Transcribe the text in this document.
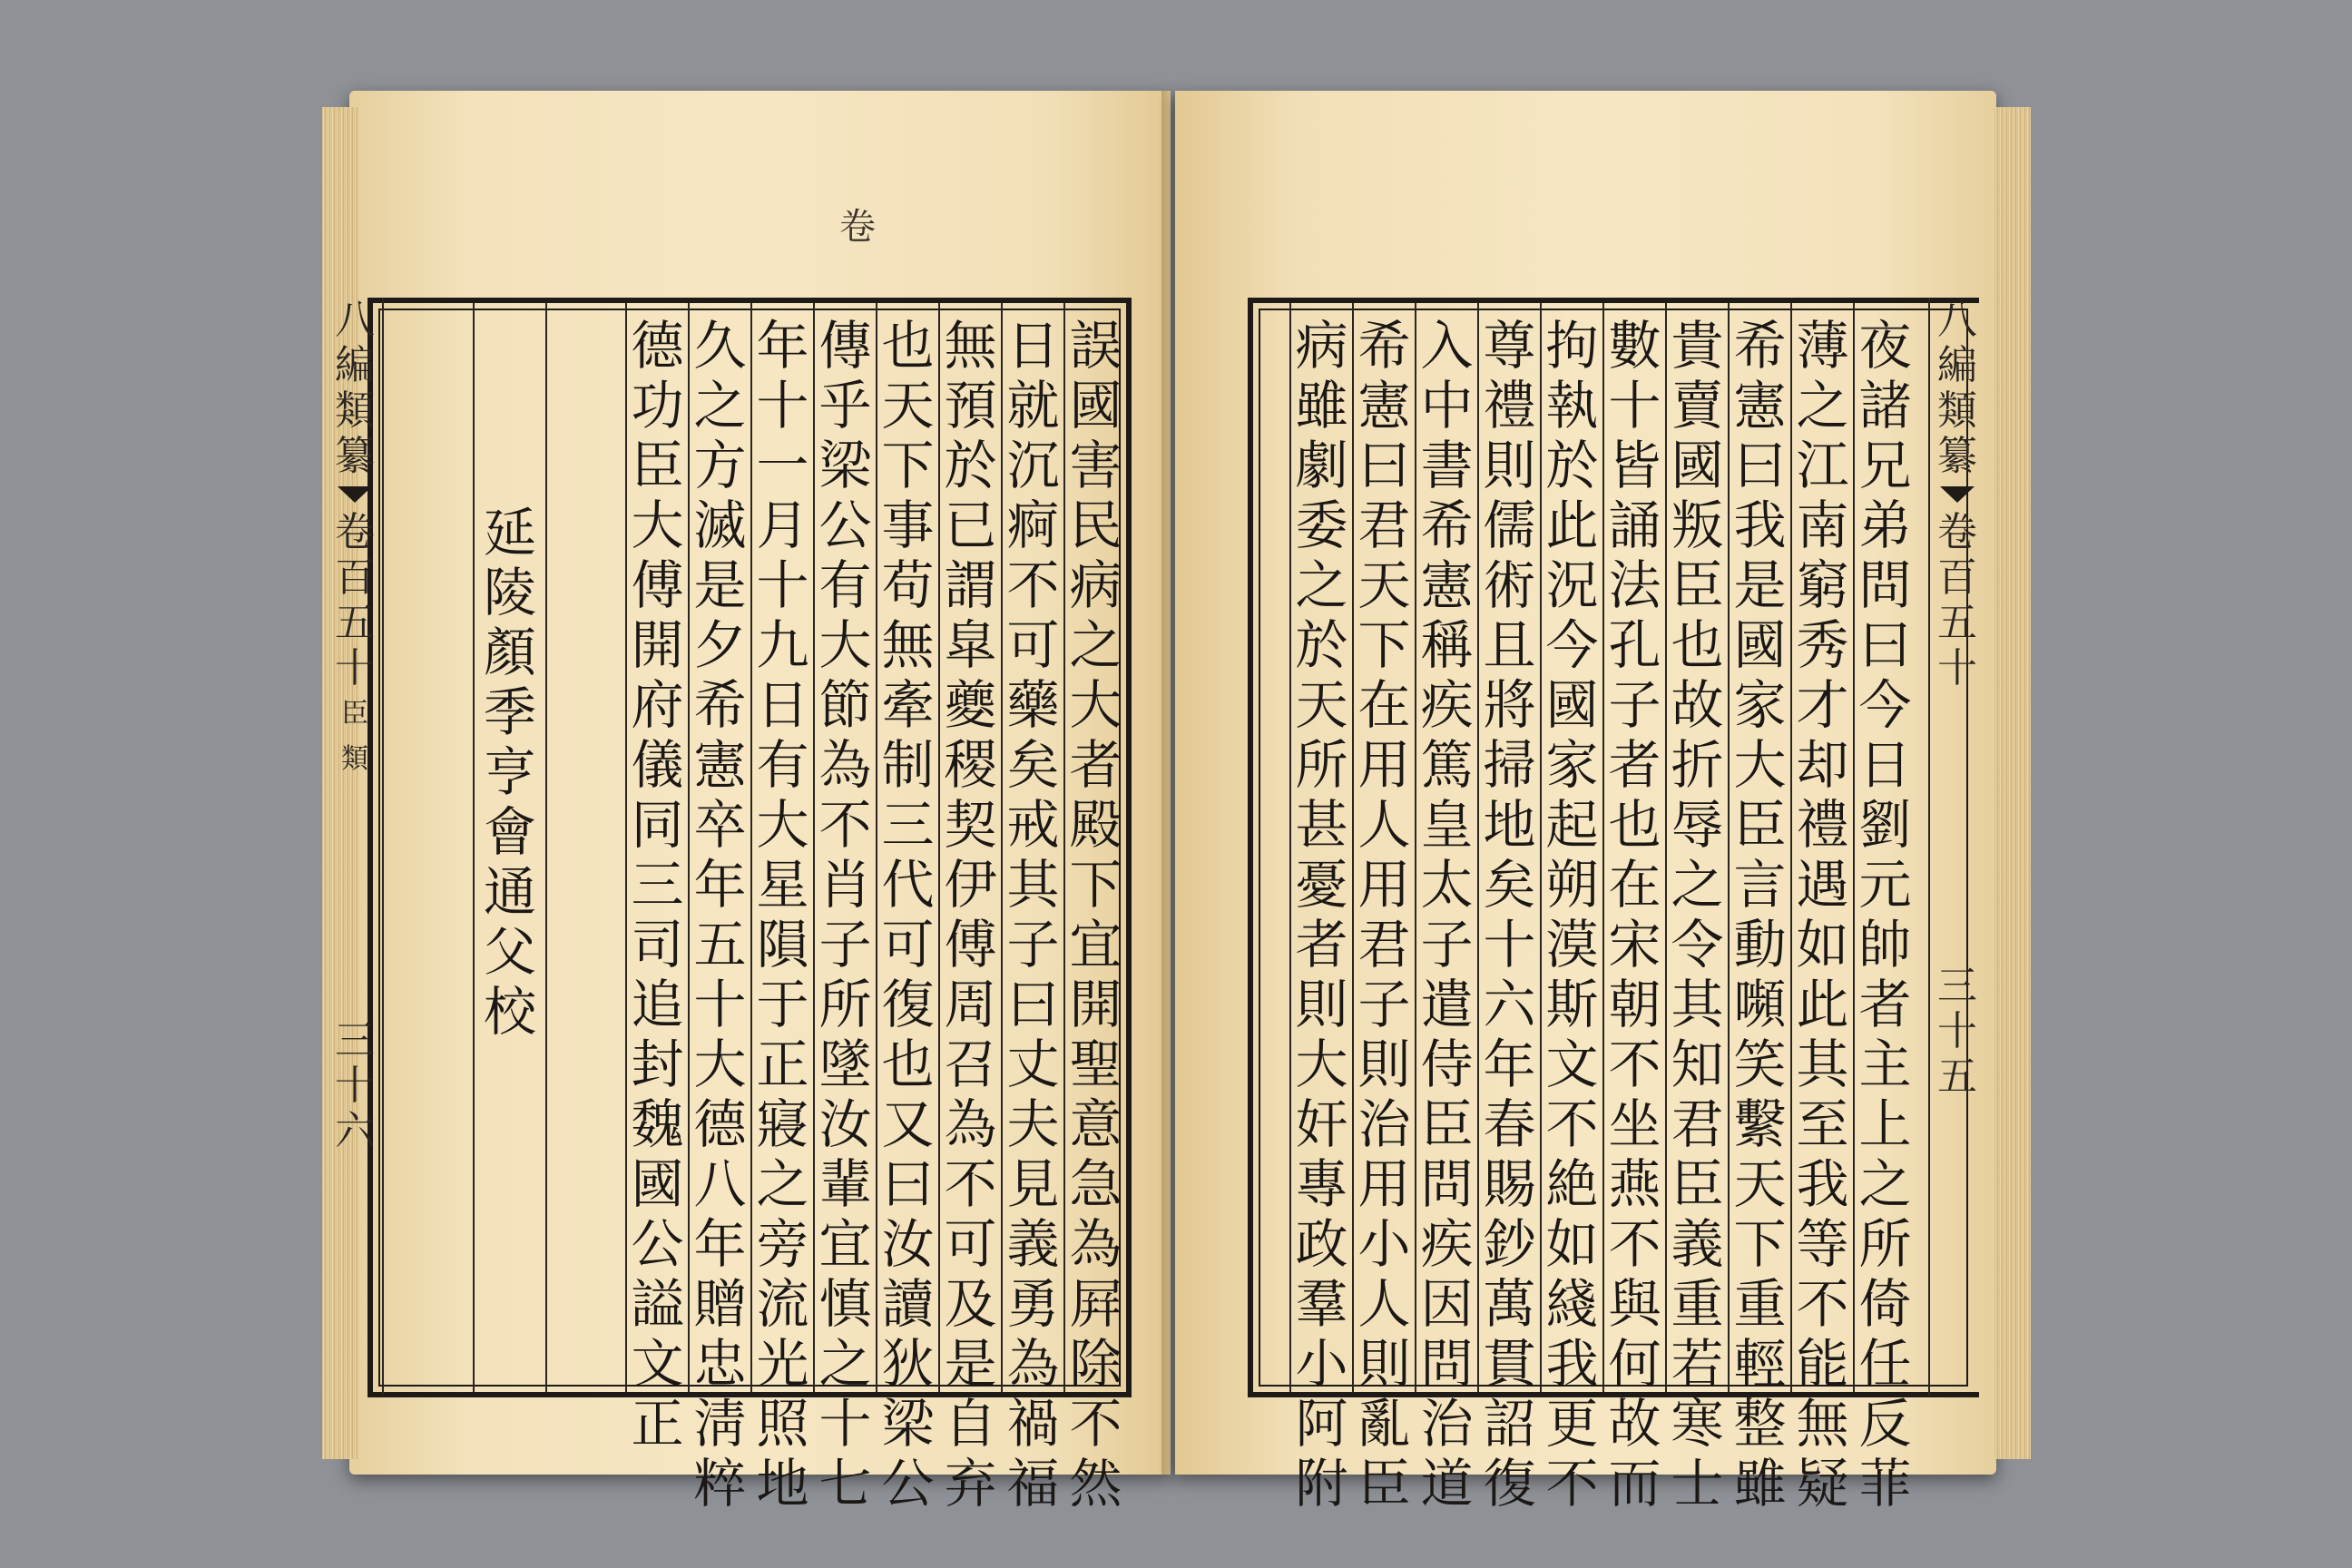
卷
誤
國
害
民
病
之
大
者
殿
下
宜
開
聖
意
急
為
屛
除
不
然
日
就
沉
痾
不
可
藥
矣
戒
其
子
曰
丈
夫
見
義
勇
為
禍
福
無
預
於
已
謂
皐
夔
稷
契
伊
傅
周
召
為
不
可
及
是
自
弃
也
天
下
事
苟
無
牽
制
三
代
可
復
也
又
曰
汝
讀
狄
梁
公
傳
乎
梁
公
有
大
節
為
不
肖
子
所
墜
汝
輩
宜
慎
之
十
七
年
十
一
月
十
九
日
有
大
星
隕
于
正
寢
之
旁
流
光
照
地
久
之
方
滅
是
夕
希
憲
卒
年
五
十
大
德
八
年
贈
忠
淸
粹
德
功
臣
大
傅
開
府
儀
同
三
司
追
封
魏
國
公
謚
文
正
延
陵
顏
季
亨
會
通
父
校
八
編
類
纂
卷
百
五
十
臣
類
三
十
六
夜
諸
兄
弟
問
曰
今
日
劉
元
帥
者
主
上
之
所
倚
任
反
菲
薄
之
江
南
窮
秀
才
却
禮
遇
如
此
其
至
我
等
不
能
無
疑
希
憲
曰
我
是
國
家
大
臣
言
動
嚬
笑
繫
天
下
重
輕
整
雖
貴
賣
國
叛
臣
也
故
折
辱
之
令
其
知
君
臣
義
重
若
寒
士
數
十
皆
誦
法
孔
子
者
也
在
宋
朝
不
坐
燕
不
與
何
故
而
拘
執
於
此
況
今
國
家
起
朔
漠
斯
文
不
絶
如
綫
我
更
不
尊
禮
則
儒
術
且
將
掃
地
矣
十
六
年
春
賜
鈔
萬
貫
詔
復
入
中
書
希
憲
稱
疾
篤
皇
太
子
遣
侍
臣
問
疾
因
問
治
道
希
憲
曰
君
天
下
在
用
人
用
君
子
則
治
用
小
人
則
亂
臣
病
雖
劇
委
之
於
天
所
甚
憂
者
則
大
奸
專
政
羣
小
阿
附
八
編
類
纂
卷
百
五
十
三
十
五
